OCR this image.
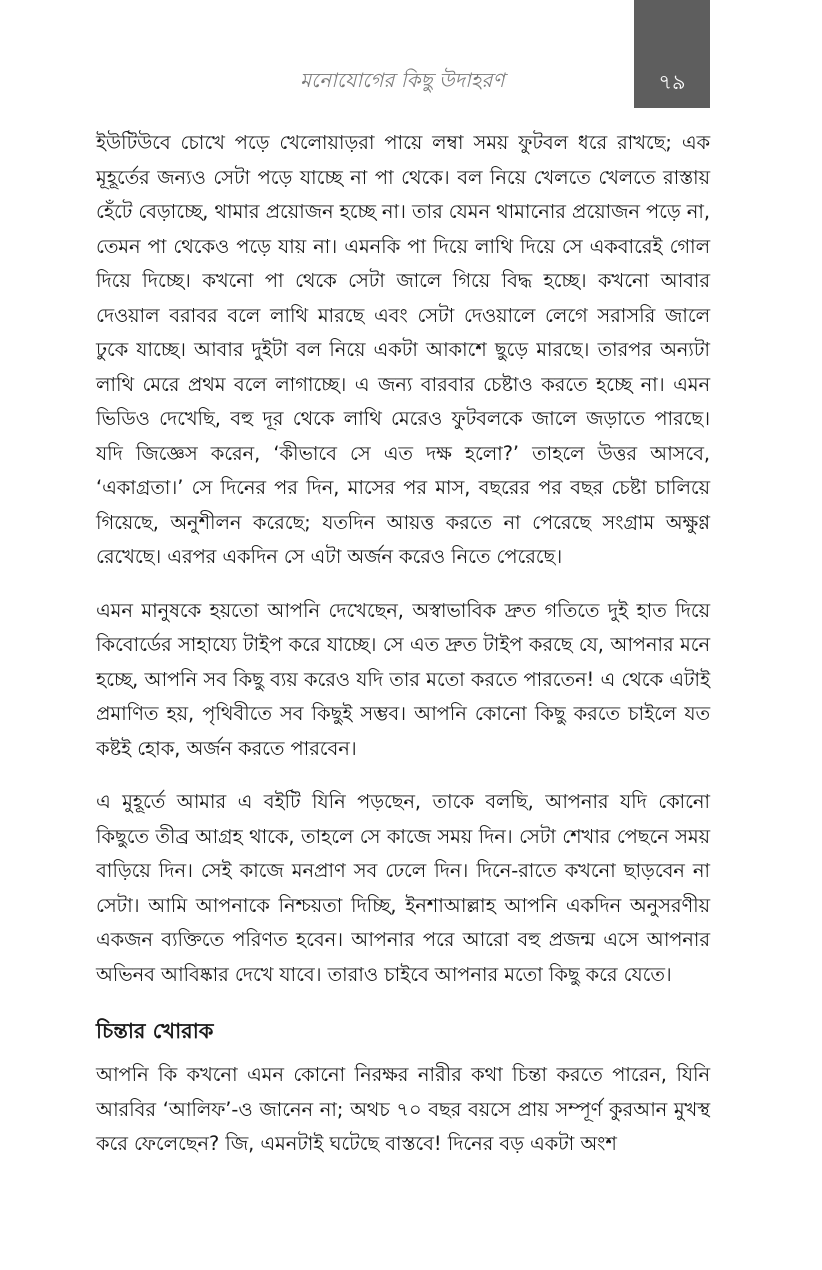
মনোযোগের কিছু উদাহরণ	৭৯

ইউটিউবে চোখে পড়ে খেলোয়াড়রা পায়ে লম্বা সময় ফুটবল ধরে রাখছে; এক মূহূর্তের জন্যও সেটা পড়ে যাচ্ছে না পা থেকে। বল নিয়ে খেলতে খেলতে রাস্তায় হেঁটে বেড়াচ্ছে, থামার প্রয়োজন হচ্ছে না। তার যেমন থামানোর প্রয়োজন পড়ে না, তেমন পা থেকেও পড়ে যায় না। এমনকি পা দিয়ে লাথি দিয়ে সে একবারেই গোল দিয়ে দিচ্ছে। কখনো পা থেকে সেটা জালে গিয়ে বিদ্ধ হচ্ছে। কখনো আবার দেওয়াল বরাবর বলে লাথি মারছে এবং সেটা দেওয়ালে লেগে সরাসরি জালে ঢুকে যাচ্ছে। আবার দুইটা বল নিয়ে একটা আকাশে ছুড়ে মারছে। তারপর অন্যটা লাথি মেরে প্রথম বলে লাগাচ্ছে। এ জন্য বারবার চেষ্টাও করতে হচ্ছে না। এমন ভিডিও দেখেছি, বহু দূর থেকে লাথি মেরেও ফুটবলকে জালে জড়াতে পারছে। যদি জিজ্ঞেস করেন, ‘কীভাবে সে এত দক্ষ হলো?’ তাহলে উত্তর আসবে, ‘একাগ্রতা।’ সে দিনের পর দিন, মাসের পর মাস, বছরের পর বছর চেষ্টা চালিয়ে গিয়েছে, অনুশীলন করেছে; যতদিন আয়ত্ত করতে না পেরেছে সংগ্রাম অক্ষুণ্ণ রেখেছে। এরপর একদিন সে এটা অর্জন করেও নিতে পেরেছে।

এমন মানুষকে হয়তো আপনি দেখেছেন, অস্বাভাবিক দ্রুত গতিতে দুই হাত দিয়ে কিবোর্ডের সাহায্যে টাইপ করে যাচ্ছে। সে এত দ্রুত টাইপ করছে যে, আপনার মনে হচ্ছে, আপনি সব কিছু ব্যয় করেও যদি তার মতো করতে পারতেন! এ থেকে এটাই প্রমাণিত হয়, পৃথিবীতে সব কিছুই সম্ভব। আপনি কোনো কিছু করতে চাইলে যত কষ্টই হোক, অর্জন করতে পারবেন।

এ মুহূর্তে আমার এ বইটি যিনি পড়ছেন, তাকে বলছি, আপনার যদি কোনো কিছুতে তীব্র আগ্রহ থাকে, তাহলে সে কাজে সময় দিন। সেটা শেখার পেছনে সময় বাড়িয়ে দিন। সেই কাজে মনপ্রাণ সব ঢেলে দিন। দিনে-রাতে কখনো ছাড়বেন না সেটা। আমি আপনাকে নিশ্চয়তা দিচ্ছি, ইনশাআল্লাহ আপনি একদিন অনুসরণীয় একজন ব্যক্তিতে পরিণত হবেন। আপনার পরে আরো বহু প্রজন্ম এসে আপনার অভিনব আবিষ্কার দেখে যাবে। তারাও চাইবে আপনার মতো কিছু করে যেতে।

চিন্তার খোরাক

আপনি কি কখনো এমন কোনো নিরক্ষর নারীর কথা চিন্তা করতে পারেন, যিনি আরবির ‘আলিফ’-ও জানেন না; অথচ ৭০ বছর বয়সে প্রায় সম্পূর্ণ কুরআন মুখস্থ করে ফেলেছেন? জি, এমনটাই ঘটেছে বাস্তবে! দিনের বড় একটা অংশ
